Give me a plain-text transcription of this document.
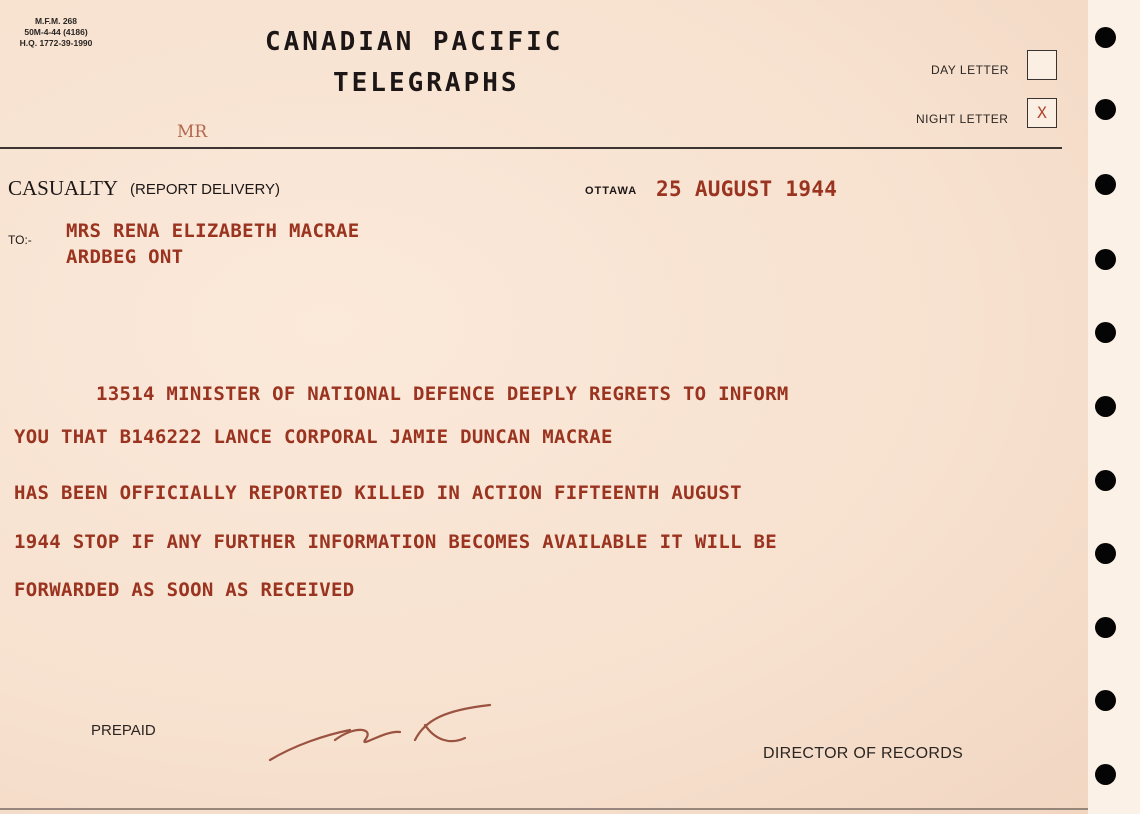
M.F.M. 268
50M-4-44 (4186)
H.Q. 1772-39-1990	CANADIAN PACIFIC
TELEGRAPHS	DAY LETTER
NIGHT LETTER	X
MR
CASUALTY (REPORT DELIVERY)	OTTAWA 25 AUGUST 1944
TO:- MRS RENA ELIZABETH MACRAE
ARDBEG ONT
13514 MINISTER OF NATIONAL DEFENCE DEEPLY REGRETS TO INFORM
YOU THAT B146222 LANCE CORPORAL JAMIE DUNCAN MACRAE
HAS BEEN OFFICIALLY REPORTED KILLED IN ACTION FIFTEENTH AUGUST
1944 STOP IF ANY FURTHER INFORMATION BECOMES AVAILABLE IT WILL BE
FORWARDED AS SOON AS RECEIVED
PREPAID
DIRECTOR OF RECORDS
